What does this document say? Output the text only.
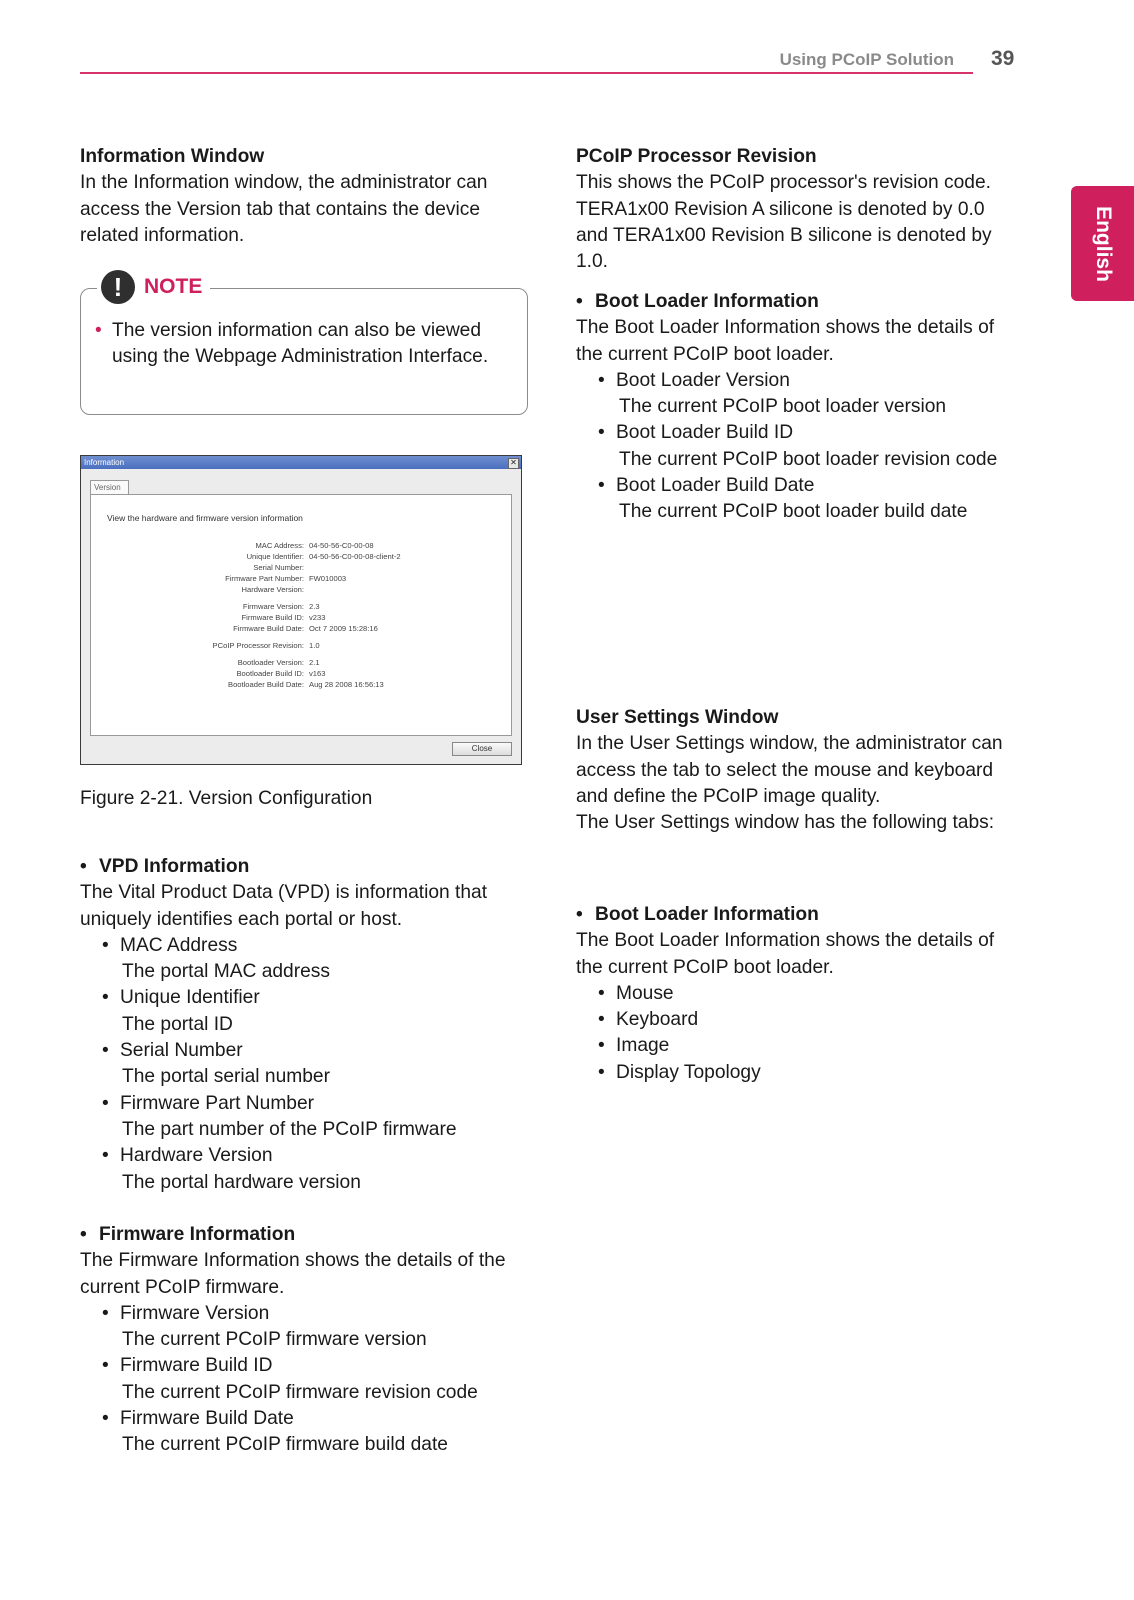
Using PCoIP Solution 39
English

Information Window

In the Information window, the administrator can

access the Version tab that contains the device

related information.

!	NOTE
• The version information can also be viewed
using the Webpage Administration Interface.
Information	✕
Version
View the hardware and firmware version information
MAC Address: 04-50-56-C0-00-08
Unique Identifier: 04-50-56-C0-00-08-client-2
Serial Number:
Firmware Part Number: FW010003
Hardware Version:
Firmware Version: 2.3
Firmware Build ID: v233
Firmware Build Date: Oct 7 2009 15:28:16
PCoIP Processor Revision: 1.0
Bootloader Version: 2.1
Bootloader Build ID: v163
Bootloader Build Date: Aug 28 2008 16:56:13
Close
Figure 2-21. Version Configuration

• VPD Information

The Vital Product Data (VPD) is information that

uniquely identifies each portal or host.

• MAC Address

The portal MAC address

• Unique Identifier

The portal ID

• Serial Number

The portal serial number

• Firmware Part Number

The part number of the PCoIP firmware

• Hardware Version

The portal hardware version

• Firmware Information

The Firmware Information shows the details of the

current PCoIP firmware.

• Firmware Version

The current PCoIP firmware version

• Firmware Build ID

The current PCoIP firmware revision code

• Firmware Build Date

The current PCoIP firmware build date

PCoIP Processor Revision

This shows the PCoIP processor's revision code.

TERA1x00 Revision A silicone is denoted by 0.0

and TERA1x00 Revision B silicone is denoted by

1.0.

• Boot Loader Information

The Boot Loader Information shows the details of

the current PCoIP boot loader.

• Boot Loader Version

The current PCoIP boot loader version

• Boot Loader Build ID

The current PCoIP boot loader revision code

• Boot Loader Build Date

The current PCoIP boot loader build date

User Settings Window

In the User Settings window, the administrator can

access the tab to select the mouse and keyboard

and define the PCoIP image quality.

The User Settings window has the following tabs:

• Boot Loader Information

The Boot Loader Information shows the details of

the current PCoIP boot loader.

• Mouse

• Keyboard

• Image

• Display Topology
